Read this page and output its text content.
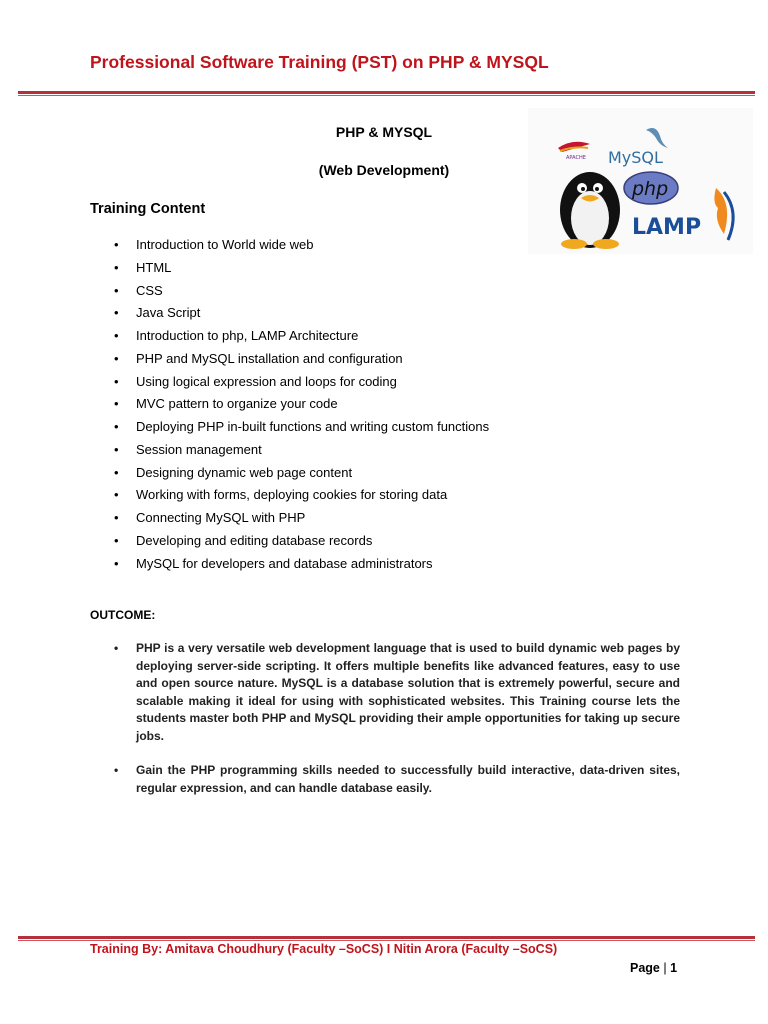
Professional Software Training (PST) on PHP & MYSQL
PHP & MYSQL
(Web Development)
APACHE MySQL
php
LAMP
Training Content
• Introduction to World wide web
• HTML
• CSS
• Java Script
• Introduction to php, LAMP Architecture
• PHP and MySQL installation and configuration
• Using logical expression and loops for coding
• MVC pattern to organize your code
• Deploying PHP in-built functions and writing custom functions
• Session management
• Designing dynamic web page content
• Working with forms, deploying cookies for storing data
• Connecting MySQL with PHP
• Developing and editing database records
• MySQL for developers and database administrators
OUTCOME:
• PHP is a very versatile web development language that is used to build dynamic web pages by deploying server-side scripting. It offers multiple benefits like advanced features, easy to use and open source nature. MySQL is a database solution that is extremely powerful, secure and scalable making it ideal for using with sophisticated websites. This Training course lets the students master both PHP and MySQL providing their ample opportunities for taking up secure jobs.
• Gain the PHP programming skills needed to successfully build interactive, data-driven sites, regular expression, and can handle database easily.
Training By: Amitava Choudhury (Faculty –SoCS) I Nitin Arora (Faculty –SoCS)
Page | 1
